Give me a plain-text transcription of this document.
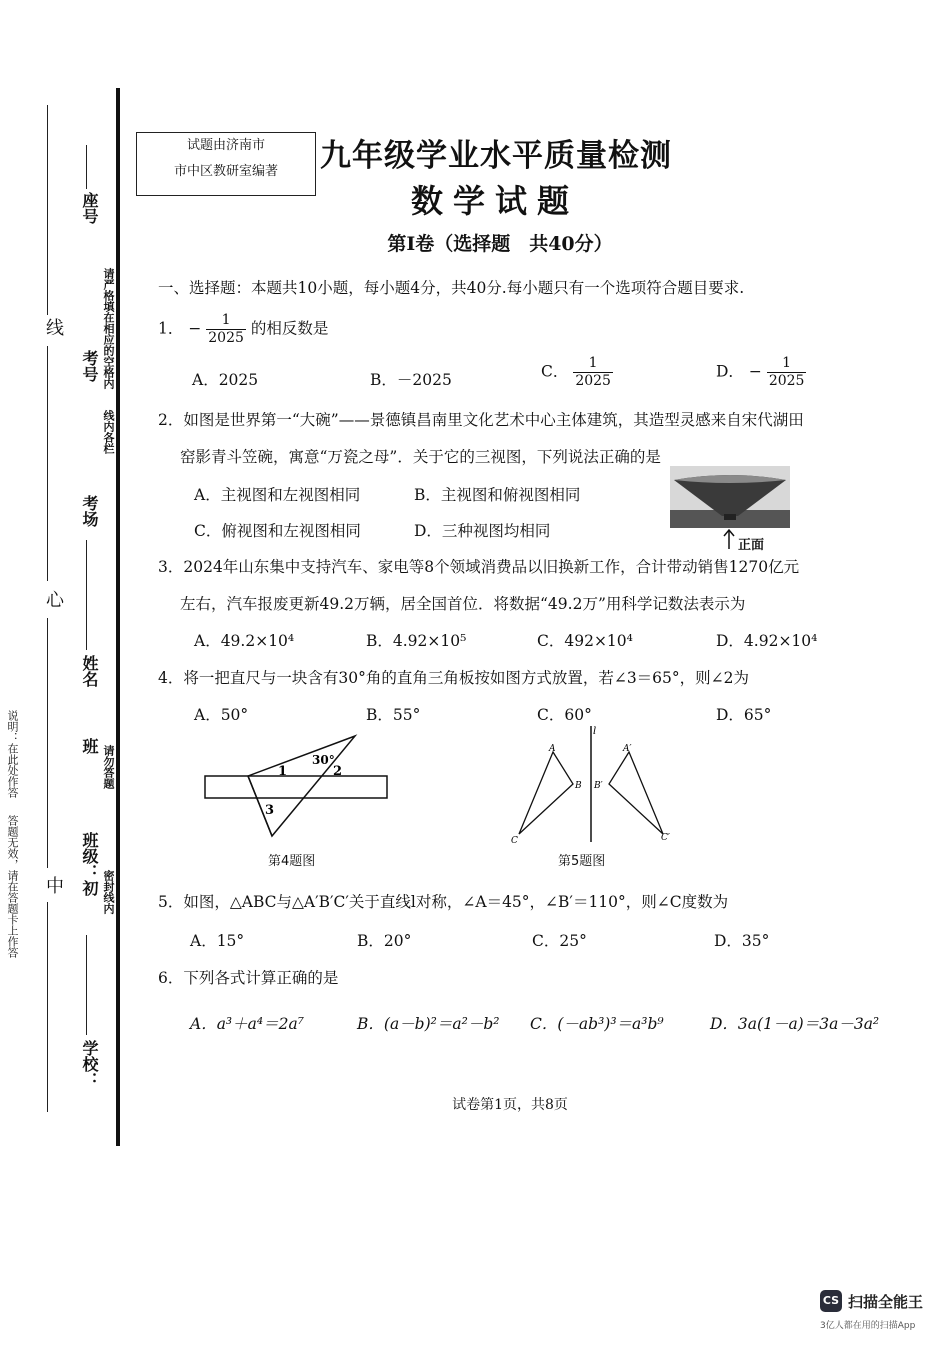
线
心
中
说明：在此处作答
答题无效，请在答题卡上作答
座号
考号
考场
姓名
班
班级：初
学校：
请严格填在相应的空格内
线内各栏
请勿答题
密封线内
试题由济南市
市中区教研室编著	九年级学业水平质量检测
数学试题
第Ⅰ卷（选择题　共40分）
一、选择题：本题共10小题，每小题4分，共40分.每小题只有一个选项符合题目要求.
1． − $\frac{1}{2025}$ 的相反数是
A．2025	B．－2025	C． $\frac{1}{2025}$	D． − $\frac{1}{2025}$
2．如图是世界第一“大碗”——景德镇昌南里文化艺术中心主体建筑，其造型灵感来自宋代湖田
窑影青斗笠碗，寓意“万瓷之母”．关于它的三视图，下列说法正确的是
A．主视图和左视图相同	B．主视图和俯视图相同
C．俯视图和左视图相同	D．三种视图均相同
正面
3．2024年山东集中支持汽车、家电等8个领域消费品以旧换新工作，合计带动销售1270亿元
左右，汽车报废更新49.2万辆，居全国首位．将数据“49.2万”用科学记数法表示为
A．49.2×10⁴	B．4.92×10⁵	C．492×10⁴	D．4.92×10⁴
4．将一把直尺与一块含有30°角的直角三角板按如图方式放置，若∠3＝65°，则∠2为
A．50°	B．55°	C．60°	D．65°
30°
1	2
3
第4题图
l
A
B
C
A′
B′
C′
第5题图
5．如图，△ABC与△A′B′C′关于直线l对称，∠A＝45°，∠B′＝110°，则∠C度数为
A．15°	B．20°	C．25°	D．35°
6．下列各式计算正确的是
A．a³＋a⁴＝2a⁷	B．(a－b)²＝a²－b² C．(－ab³)³＝a³b⁹	D．3a(1－a)＝3a－3a²
试卷第1页，共8页
CS 扫描全能王
3亿人都在用的扫描App
